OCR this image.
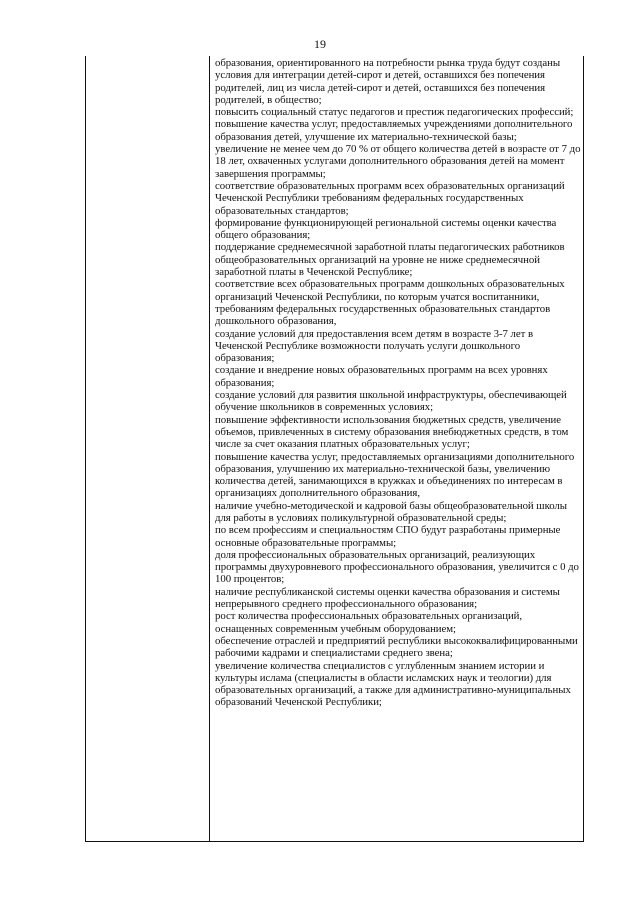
19
образования, ориентированного на потребности рынка труда будут созданы условия для интеграции детей-сирот и детей, оставшихся без попечения родителей, лиц из числа детей-сирот и детей, оставшихся без попечения родителей, в общество;
повысить социальный статус педагогов и престиж педагогических профессий;
повышение качества услуг, предоставляемых учреждениями дополнительного образования детей, улучшение их материально-технической базы;
увеличение не менее чем до 70 % от общего количества детей в возрасте от 7 до 18 лет, охваченных услугами дополнительного образования детей на момент завершения программы;
соответствие образовательных программ всех образовательных организаций Чеченской Республики требованиям федеральных государственных образовательных стандартов;
формирование функционирующей региональной системы оценки качества общего образования;
поддержание среднемесячной заработной платы педагогических работников общеобразовательных организаций на уровне не ниже среднемесячной заработной платы в Чеченской Республике;
соответствие всех образовательных программ дошкольных образовательных организаций Чеченской Республики, по которым учатся воспитанники, требованиям федеральных государственных образовательных стандартов дошкольного образования,
создание условий для предоставления всем детям в возрасте 3-7 лет в Чеченской Республике возможности получать услуги дошкольного образования;
создание и внедрение новых образовательных программ на всех уровнях образования;
создание условий для развития школьной инфраструктуры, обеспечивающей обучение школьников в современных условиях;
повышение эффективности использования бюджетных средств, увеличение объемов, привлеченных в систему образования внебюджетных средств, в том числе за счет оказания платных образовательных услуг;
повышение качества услуг, предоставляемых организациями дополнительного образования, улучшению их материально-технической базы, увеличению количества детей, занимающихся в кружках и объединениях по интересам в организациях дополнительного образования,
наличие учебно-методической и кадровой базы общеобразовательной школы для работы в условиях поликультурной образовательной среды;
по всем профессиям и специальностям СПО будут разработаны примерные основные образовательные программы;
доля профессиональных образовательных организаций, реализующих программы двухуровневого профессионального образования, увеличится с 0 до 100 процентов;
наличие республиканской системы оценки качества образования и системы непрерывного среднего профессионального образования;
рост количества профессиональных образовательных организаций, оснащенных современным учебным оборудованием;
обеспечение отраслей и предприятий республики высококвалифицированными рабочими кадрами и специалистами среднего звена;
увеличение количества специалистов с углубленным знанием истории и культуры ислама (специалисты в области исламских наук и теологии) для образовательных организаций, а также для административно-муниципальных образований Чеченской Республики;
